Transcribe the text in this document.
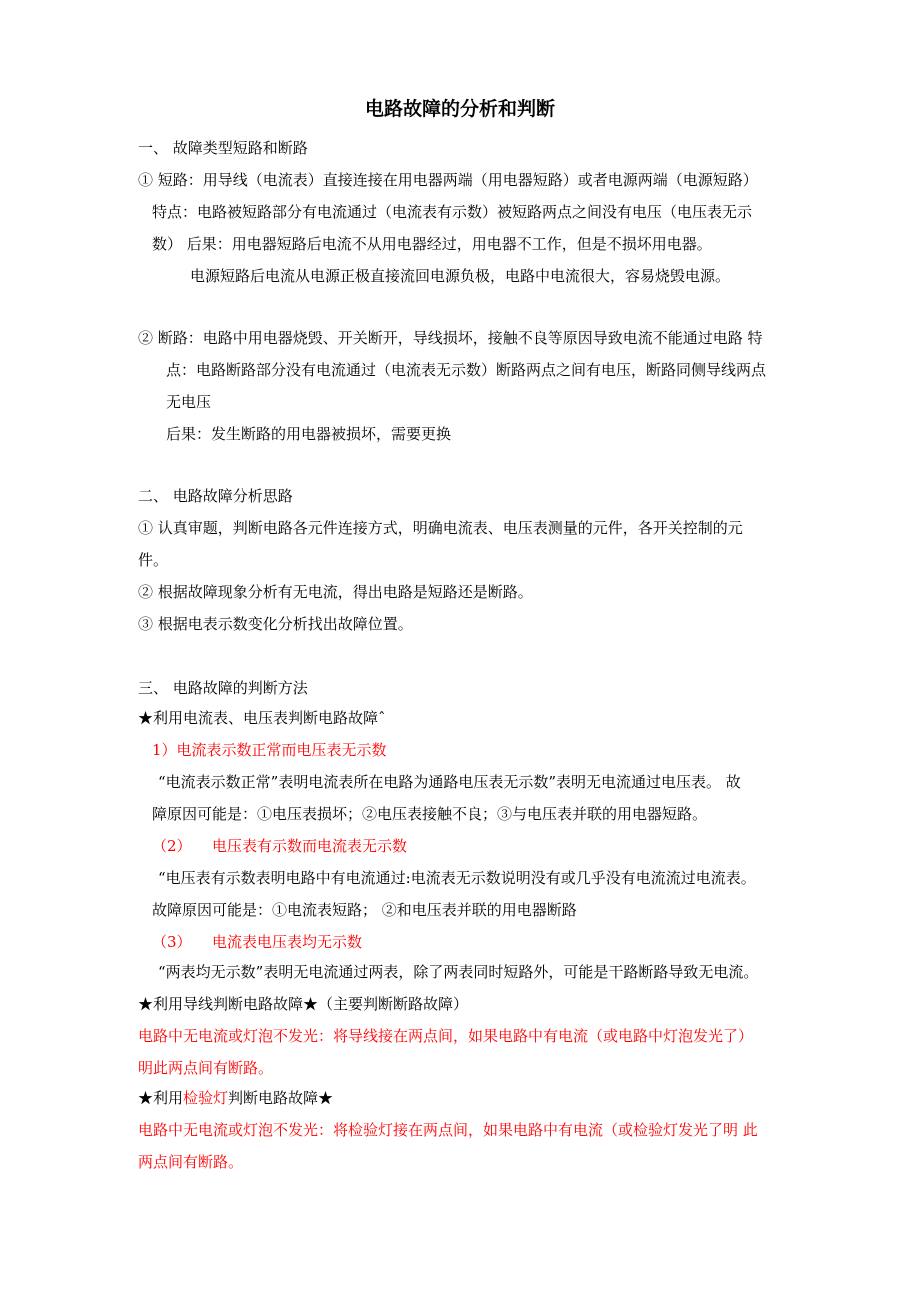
电路故障的分析和判断
一、 故障类型短路和断路
① 短路：用导线（电流表）直接连接在用电器两端（用电器短路）或者电源两端（电源短路）
特点：电路被短路部分有电流通过（电流表有示数）被短路两点之间没有电压（电压表无示
数） 后果：用电器短路后电流不从用电器经过，用电器不工作，但是不损坏用电器。
电源短路后电流从电源正极直接流回电源负极，电路中电流很大，容易烧毁电源。
② 断路：电路中用电器烧毁、开关断开，导线损坏，接触不良等原因导致电流不能通过电路 特
点：电路断路部分没有电流通过（电流表无示数）断路两点之间有电压，断路同侧导线两点
无电压
后果：发生断路的用电器被损坏，需要更换
二、 电路故障分析思路
① 认真审题，判断电路各元件连接方式，明确电流表、电压表测量的元件，各开关控制的元
件。
② 根据故障现象分析有无电流，得出电路是短路还是断路。
③ 根据电表示数变化分析找出故障位置。
三、 电路故障的判断方法
★利用电流表、电压表判断电路故障ˆ
1）电流表示数正常而电压表无示数
“电流表示数正常”表明电流表所在电路为通路电压表无示数”表明无电流通过电压表。 故
障原因可能是：①电压表损坏；②电压表接触不良；③与电压表并联的用电器短路。
（2） 电压表有示数而电流表无示数
“电压表有示数表明电路中有电流通过:电流表无示数说明没有或几乎没有电流流过电流表。
故障原因可能是：①电流表短路； ②和电压表并联的用电器断路
（3） 电流表电压表均无示数
“两表均无示数”表明无电流通过两表，除了两表同时短路外，可能是干路断路导致无电流。
★利用导线判断电路故障★（主要判断断路故障）
电路中无电流或灯泡不发光：将导线接在两点间，如果电路中有电流（或电路中灯泡发光了）
明此两点间有断路。
★利用检验灯判断电路故障★
电路中无电流或灯泡不发光：将检验灯接在两点间，如果电路中有电流（或检验灯发光了明 此
两点间有断路。
